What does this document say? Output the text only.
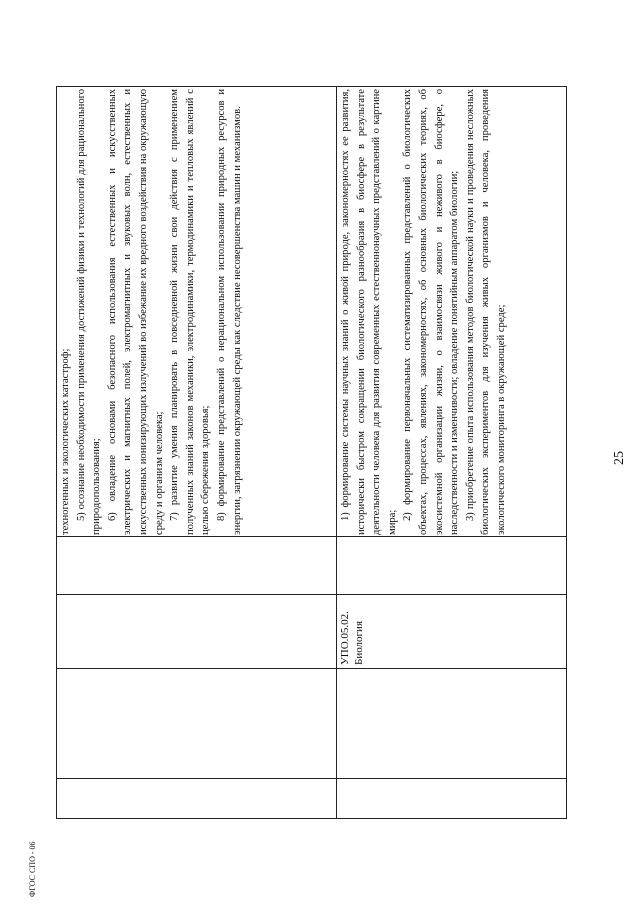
техногенных и экологических катастроф; 5) осознание необходимости применения достижений физики и технологий для рационального природопользования; 6) овладение основами безопасного использования естественных и искусственных электрических и магнитных полей, электромагнитных и звуковых волн, естественных и искусственных ионизирующих излучений во избежание их вредного воздействия на окружающую среду и организм человека; 7) развитие умения планировать в повседневной жизни свои действия с применением полученных знаний законов механики, электродинамики, термодинамики и тепловых явлений с целью сбережения здоровья; 8) формирование представлений о нерациональном использовании природных ресурсов и энергии, загрязнении окружающей среды как следствие несовершенства машин и механизмов.

УПО.05.02. Биология

1) формирование системы научных знаний о живой природе, закономерностях ее развития, исторически быстром сокращении биологического разнообразия в биосфере в результате деятельности человека для развития современных естественнонаучных представлений о картине мира;

2) формирование первоначальных систематизированных представлений о биологических объектах, процессах, явлениях, закономерностях, об основных биологических теориях, об экосистемной организации жизни, о взаимосвязи живого и неживого в биосфере, о наследственности и изменчивости; овладение понятийным аппаратом биологии; 3) приобретение опыта использования методов биологической науки и проведения несложных биологических экспериментов для изучения живых организмов и человека, проведения экологического мониторинга в окружающей среде;	25
ФГОС СПО - 06
